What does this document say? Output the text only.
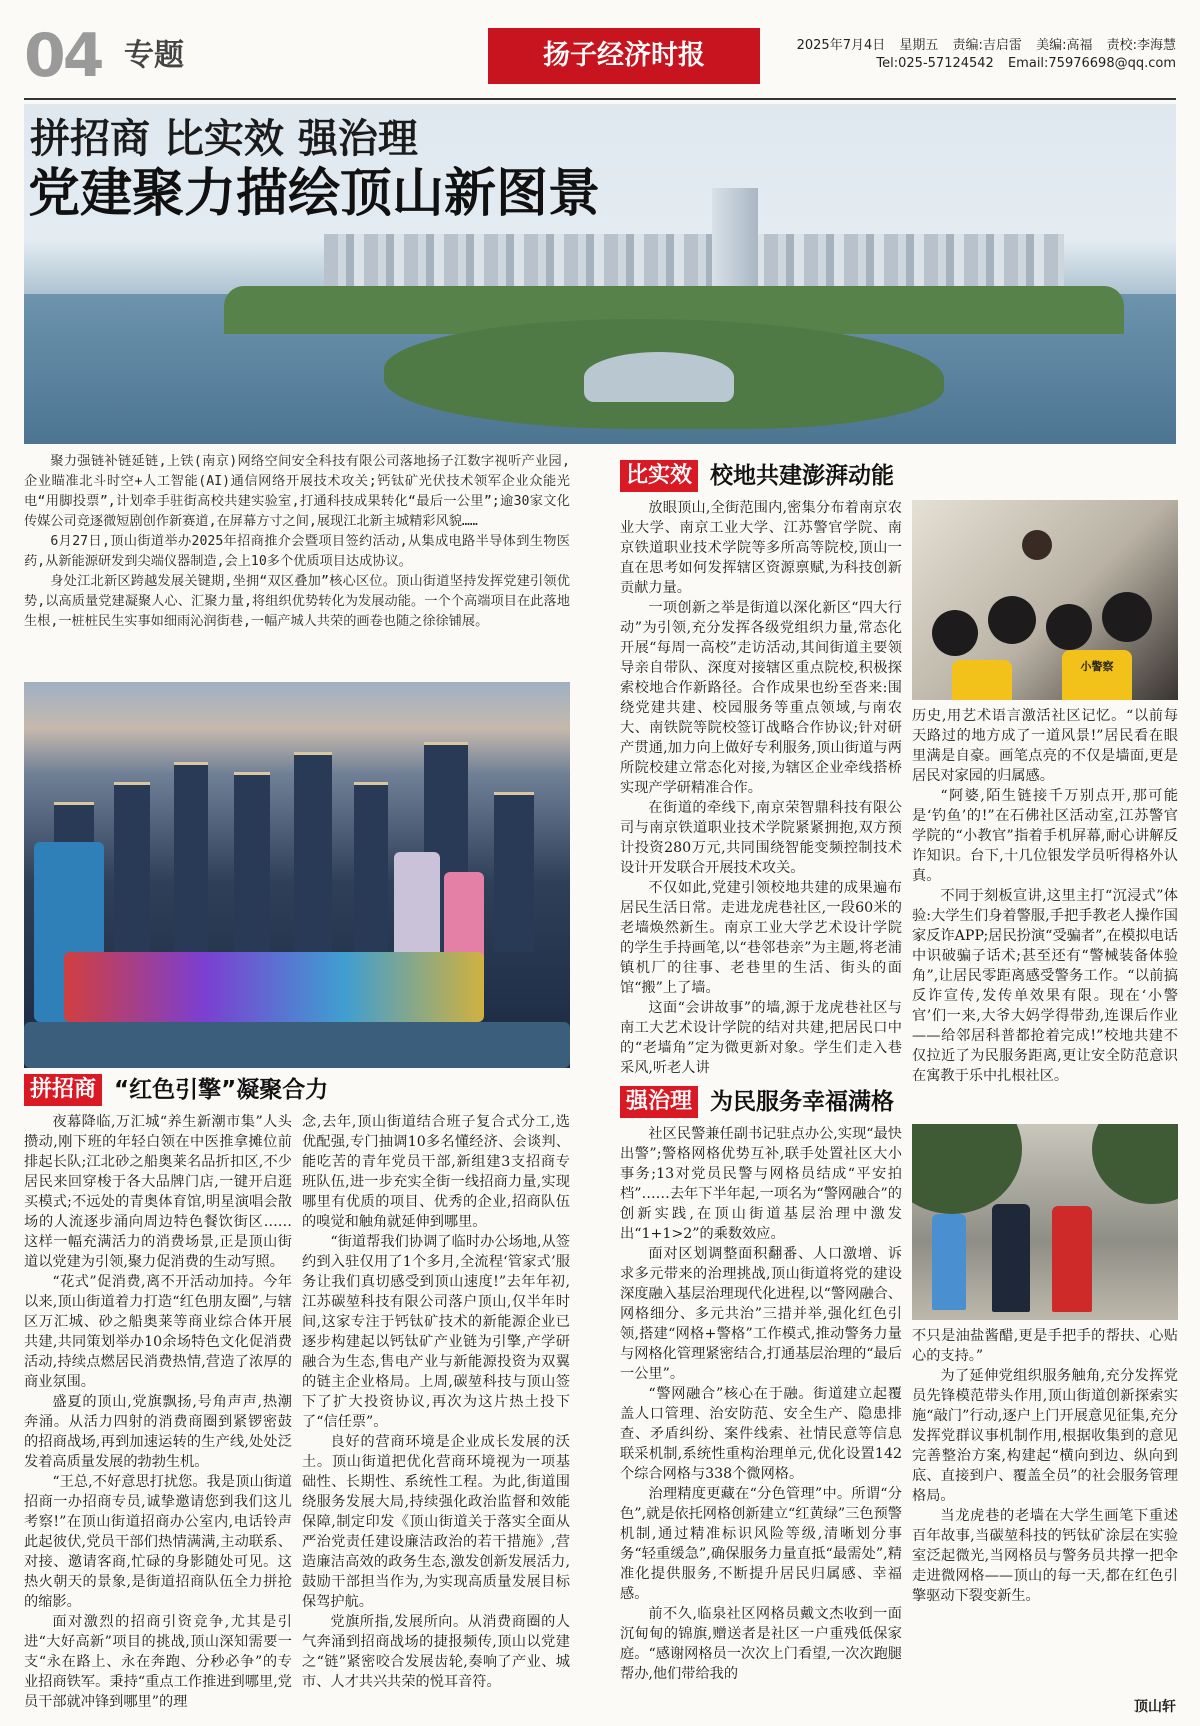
04 专题	扬子经济时报	2025年7月4日 星期五 责编:吉启雷 美编:高福 责校:李海慧
Tel:025-57124542 Email:75976698@qq.com
拼招商 比实效 强治理
党建聚力描绘顶山新图景

聚力强链补链延链,上铁(南京)网络空间安全科技有限公司落地扬子江数字视听产业园,企业瞄准北斗时空+人工智能(AI)通信网络开展技术攻关;钙钛矿光伏技术领军企业众能光电“用脚投票”,计划牵手驻街高校共建实验室,打通科技成果转化“最后一公里”;逾30家文化传媒公司竞逐微短剧创作新赛道,在屏幕方寸之间,展现江北新主城精彩风貌……

6月27日,顶山街道举办2025年招商推介会暨项目签约活动,从集成电路半导体到生物医药,从新能源研发到尖端仪器制造,会上10多个优质项目达成协议。

身处江北新区跨越发展关键期,坐拥“双区叠加”核心区位。顶山街道坚持发挥党建引领优势,以高质量党建凝聚人心、汇聚力量,将组织优势转化为发展动能。一个个高端项目在此落地生根,一桩桩民生实事如细雨沁润街巷,一幅产城人共荣的画卷也随之徐徐铺展。

拼招商 “红色引擎”凝聚合力

夜幕降临,万汇城“养生新潮市集”人头攒动,刚下班的年轻白领在中医推拿摊位前排起长队;江北砂之船奥莱名品折扣区,不少居民来回穿梭于各大品牌门店,一键开启逛买模式;不远处的青奥体育馆,明星演唱会散场的人流逐步涌向周边特色餐饮街区……这样一幅充满活力的消费场景,正是顶山街道以党建为引领,聚力促消费的生动写照。

“花式”促消费,离不开活动加持。今年以来,顶山街道着力打造“红色朋友圈”,与辖区万汇城、砂之船奥莱等商业综合体开展共建,共同策划举办10余场特色文化促消费活动,持续点燃居民消费热情,营造了浓厚的商业氛围。

盛夏的顶山,党旗飘扬,号角声声,热潮奔涌。从活力四射的消费商圈到紧锣密鼓的招商战场,再到加速运转的生产线,处处泛发着高质量发展的勃勃生机。

“王总,不好意思打扰您。我是顶山街道招商一办招商专员,诚挚邀请您到我们这儿考察!”在顶山街道招商办公室内,电话铃声此起彼伏,党员干部们热情满满,主动联系、对接、邀请客商,忙碌的身影随处可见。这热火朝天的景象,是街道招商队伍全力拼抢的缩影。

面对激烈的招商引资竞争,尤其是引进“大好高新”项目的挑战,顶山深知需要一支“永在路上、永在奔跑、分秒必争”的专业招商铁军。秉持“重点工作推进到哪里,党员干部就冲锋到哪里”的理

念,去年,顶山街道结合班子复合式分工,选优配强,专门抽调10多名懂经济、会谈判、能吃苦的青年党员干部,新组建3支招商专班队伍,进一步充实全街一线招商力量,实现哪里有优质的项目、优秀的企业,招商队伍的嗅觉和触角就延伸到哪里。

“街道帮我们协调了临时办公场地,从签约到入驻仅用了1个多月,全流程‘管家式’服务让我们真切感受到顶山速度!”去年年初,江苏碳堃科技有限公司落户顶山,仅半年时间,这家专注于钙钛矿技术的新能源企业已逐步构建起以钙钛矿产业链为引擎,产学研融合为生态,售电产业与新能源投资为双翼的链主企业格局。上周,碳堃科技与顶山签下了扩大投资协议,再次为这片热土投下了“信任票”。

良好的营商环境是企业成长发展的沃土。顶山街道把优化营商环境视为一项基础性、长期性、系统性工程。为此,街道围绕服务发展大局,持续强化政治监督和效能保障,制定印发《顶山街道关于落实全面从严治党责任建设廉洁政治的若干措施》,营造廉洁高效的政务生态,激发创新发展活力,鼓励干部担当作为,为实现高质量发展目标保驾护航。

党旗所指,发展所向。从消费商圈的人气奔涌到招商战场的捷报频传,顶山以党建之“链”紧密咬合发展齿轮,奏响了产业、城市、人才共兴共荣的悦耳音符。

比实效 校地共建澎湃动能

放眼顶山,全街范围内,密集分布着南京农业大学、南京工业大学、江苏警官学院、南京铁道职业技术学院等多所高等院校,顶山一直在思考如何发挥辖区资源禀赋,为科技创新贡献力量。

一项创新之举是街道以深化新区“四大行动”为引领,充分发挥各级党组织力量,常态化开展“每周一高校”走访活动,其间街道主要领导亲自带队、深度对接辖区重点院校,积极探索校地合作新路径。合作成果也纷至沓来:围绕党建共建、校园服务等重点领域,与南农大、南铁院等院校签订战略合作协议;针对研产贯通,加力向上做好专利服务,顶山街道与两所院校建立常态化对接,为辖区企业牵线搭桥实现产学研精准合作。

在街道的牵线下,南京荣智鼎科技有限公司与南京铁道职业技术学院紧紧拥抱,双方预计投资280万元,共同围绕智能变频控制技术设计开发联合开展技术攻关。

不仅如此,党建引领校地共建的成果遍布居民生活日常。走进龙虎巷社区,一段60米的老墙焕然新生。南京工业大学艺术设计学院的学生手持画笔,以“巷邻巷亲”为主题,将老浦镇机厂的往事、老巷里的生活、街头的面馆“搬”上了墙。

这面“会讲故事”的墙,源于龙虎巷社区与南工大艺术设计学院的结对共建,把居民口中的“老墙角”定为微更新对象。学生们走入巷采风,听老人讲

小警察

历史,用艺术语言激活社区记忆。“以前每天路过的地方成了一道风景!”居民看在眼里满是自豪。画笔点亮的不仅是墙面,更是居民对家园的归属感。

“阿婆,陌生链接千万别点开,那可能是‘钓鱼’的!”在石佛社区活动室,江苏警官学院的“小教官”指着手机屏幕,耐心讲解反诈知识。台下,十几位银发学员听得格外认真。

不同于刻板宣讲,这里主打“沉浸式”体验:大学生们身着警服,手把手教老人操作国家反诈APP;居民扮演“受骗者”,在模拟电话中识破骗子话术;甚至还有“警械装备体验角”,让居民零距离感受警务工作。“以前搞反诈宣传,发传单效果有限。现在‘小警官’们一来,大爷大妈学得带劲,连课后作业——给邻居科普都抢着完成!”校地共建不仅拉近了为民服务距离,更让安全防范意识在寓教于乐中扎根社区。

强治理 为民服务幸福满格

社区民警兼任副书记驻点办公,实现“最快出警”;警格网格优势互补,联手处置社区大小事务;13对党员民警与网格员结成“平安拍档”……去年下半年起,一项名为“警网融合”的创新实践,在顶山街道基层治理中激发出“1+1>2”的乘数效应。

面对区划调整面积翻番、人口激增、诉求多元带来的治理挑战,顶山街道将党的建设深度融入基层治理现代化进程,以“警网融合、网格细分、多元共治”三措并举,强化红色引领,搭建“网格+警格”工作模式,推动警务力量与网格化管理紧密结合,打通基层治理的“最后一公里”。

“警网融合”核心在于融。街道建立起覆盖人口管理、治安防范、安全生产、隐患排查、矛盾纠纷、案件线索、社情民意等信息联采机制,系统性重构治理单元,优化设置142个综合网格与338个微网格。

治理精度更藏在“分色管理”中。所谓“分色”,就是依托网格创新建立“红黄绿”三色预警机制,通过精准标识风险等级,清晰划分事务“轻重缓急”,确保服务力量直抵“最需处”,精准化提供服务,不断提升居民归属感、幸福感。

前不久,临泉社区网格员戴文杰收到一面沉甸甸的锦旗,赠送者是社区一户重残低保家庭。“感谢网格员一次次上门看望,一次次跑腿帮办,他们带给我的

不只是油盐酱醋,更是手把手的帮扶、心贴心的支持。”

为了延伸党组织服务触角,充分发挥党员先锋模范带头作用,顶山街道创新探索实施“敲门”行动,逐户上门开展意见征集,充分发挥党群议事机制作用,根据收集到的意见完善整治方案,构建起“横向到边、纵向到底、直接到户、覆盖全员”的社会服务管理格局。

当龙虎巷的老墙在大学生画笔下重述百年故事,当碳堃科技的钙钛矿涂层在实验室泛起微光,当网格员与警务员共撑一把伞走进微网格——顶山的每一天,都在红色引擎驱动下裂变新生。

顶山轩
